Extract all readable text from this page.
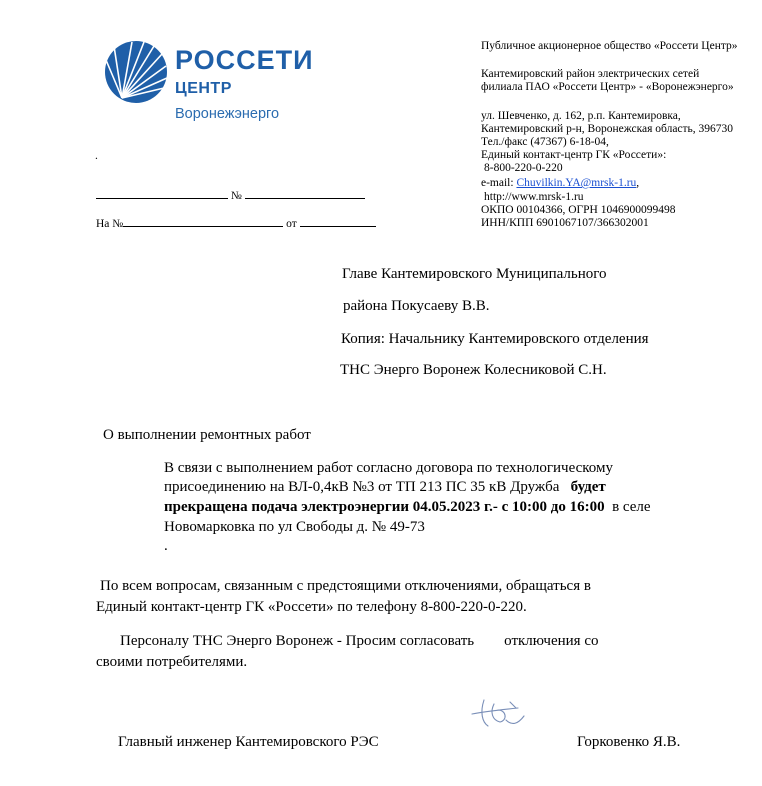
РОССЕТИ
ЦЕНТР
Воронежэнерго
Публичное акционерное общество «Россети Центр»
Кантемировский район электрических сетей
филиала ПАО «Россети Центр» - «Воронежэнерго»
ул. Шевченко, д. 162, р.п. Кантемировка,
Кантемировский р-н, Воронежская область, 396730
Тел./факс (47367) 6-18-04,
Единый контакт-центр ГК «Россети»:
8-800-220-0-220
e-mail: Chuvilkin.YA@mrsk-1.ru,
http://www.mrsk-1.ru
ОКПО 00104366, ОГРН 1046900099498
ИНН/КПП 6901067107/366302001
.
№
На №	от
Главе Кантемировского Муниципального
района Покусаеву В.В.
Копия: Начальнику Кантемировского отделения
ТНС Энерго Воронеж Колесниковой С.Н.
О выполнении ремонтных работ
В связи с выполнением работ согласно договора по технологическому
присоединению на ВЛ-0,4кВ №3 от ТП 213 ПС 35 кВ Дружба будет
прекращена подача электроэнергии 04.05.2023 г.- с 10:00 до 16:00 в селе
Новомарковка по ул Свободы д. № 49-73
.
По всем вопросам, связанным с предстоящими отключениями, обращаться в
Единый контакт-центр ГК «Россети» по телефону 8-800-220-0-220.
Персоналу ТНС Энерго Воронеж - Просим согласовать отключения со
своими потребителями.
Главный инженер Кантемировского РЭС	Горковенко Я.В.
